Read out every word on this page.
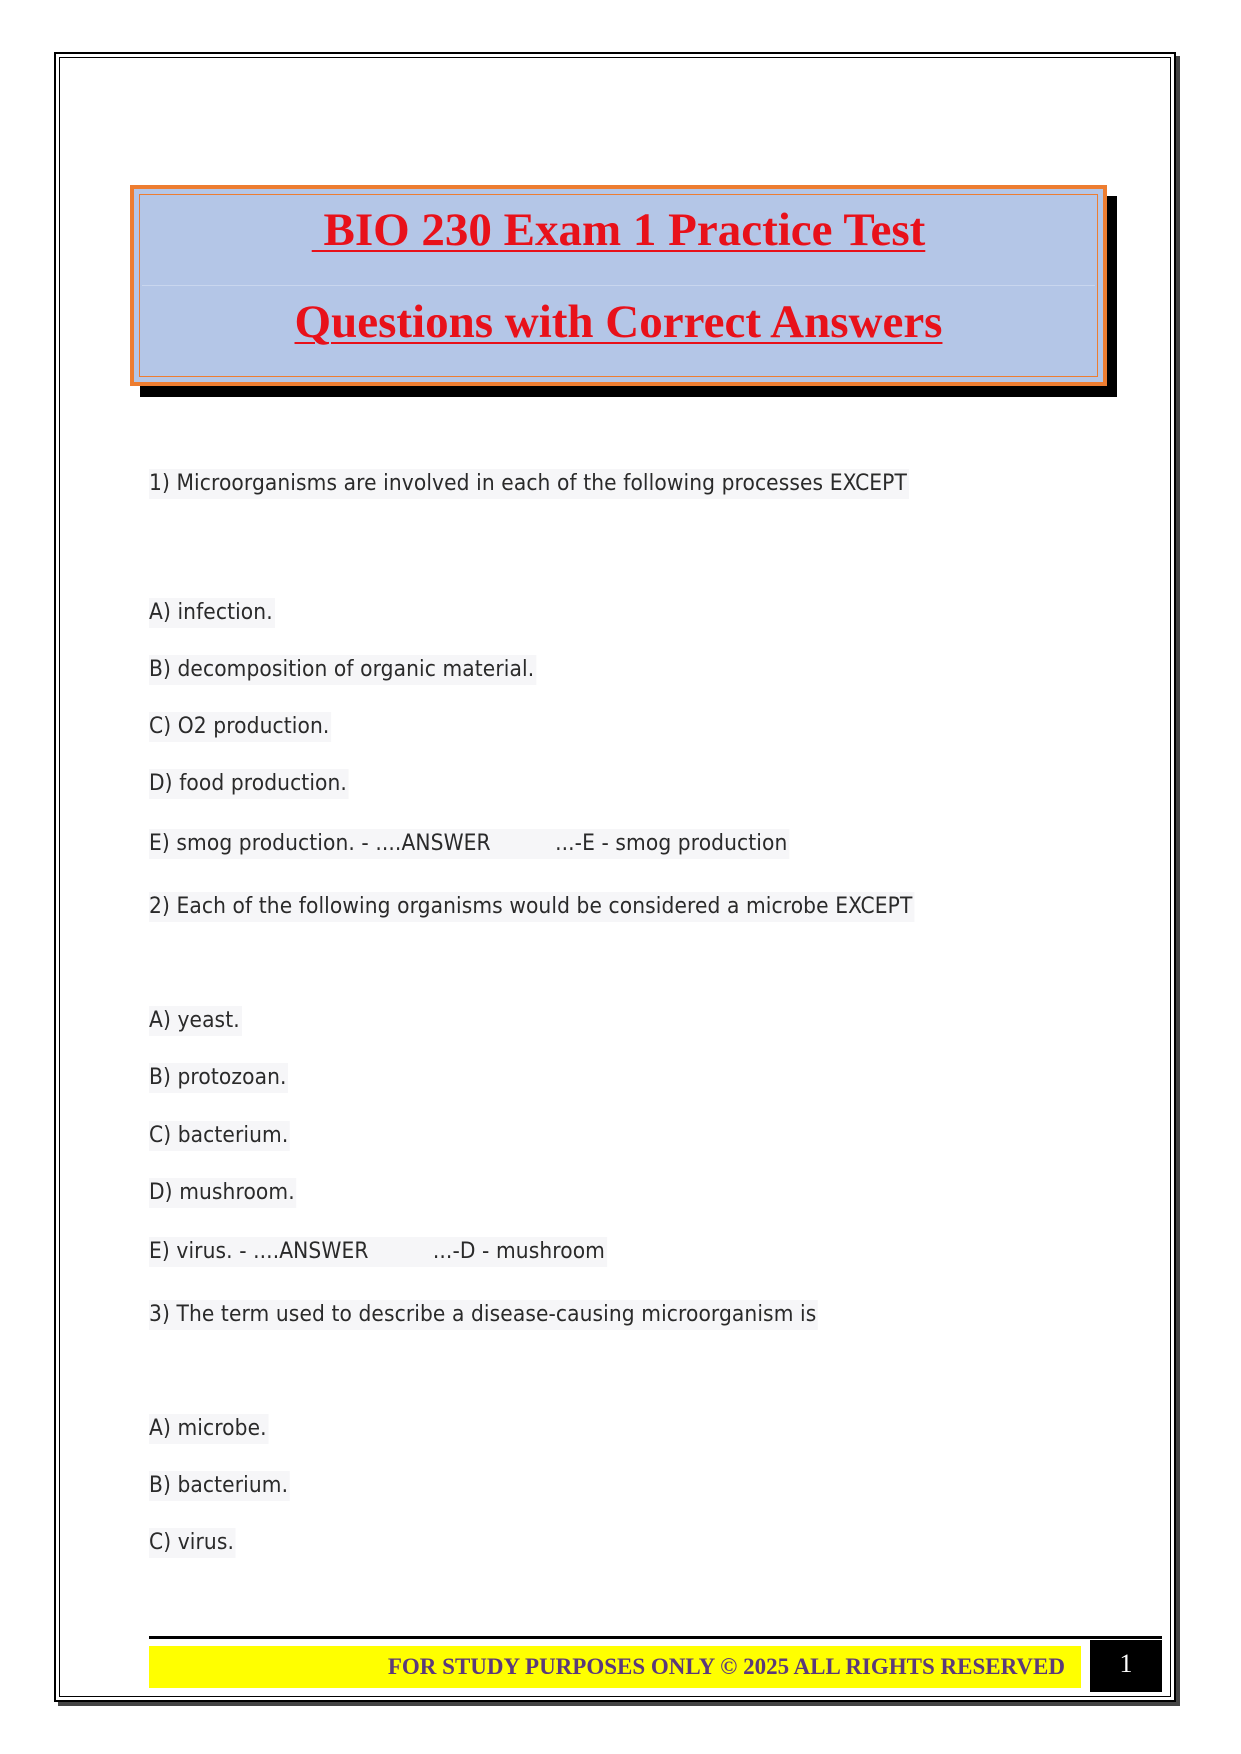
BIO 230 Exam 1 Practice Test
Questions with Correct Answers
1) Microorganisms are involved in each of the following processes EXCEPT
A) infection.
B) decomposition of organic material.
C) O2 production.
D) food production.
E) smog production. - ....ANSWER	...-E - smog production
2) Each of the following organisms would be considered a microbe EXCEPT
A) yeast.
B) protozoan.
C) bacterium.
D) mushroom.
E) virus. - ....ANSWER	...-D - mushroom
3) The term used to describe a disease-causing microorganism is
A) microbe.
B) bacterium.
C) virus.
FOR STUDY PURPOSES ONLY © 2025 ALL RIGHTS RESERVED	1
